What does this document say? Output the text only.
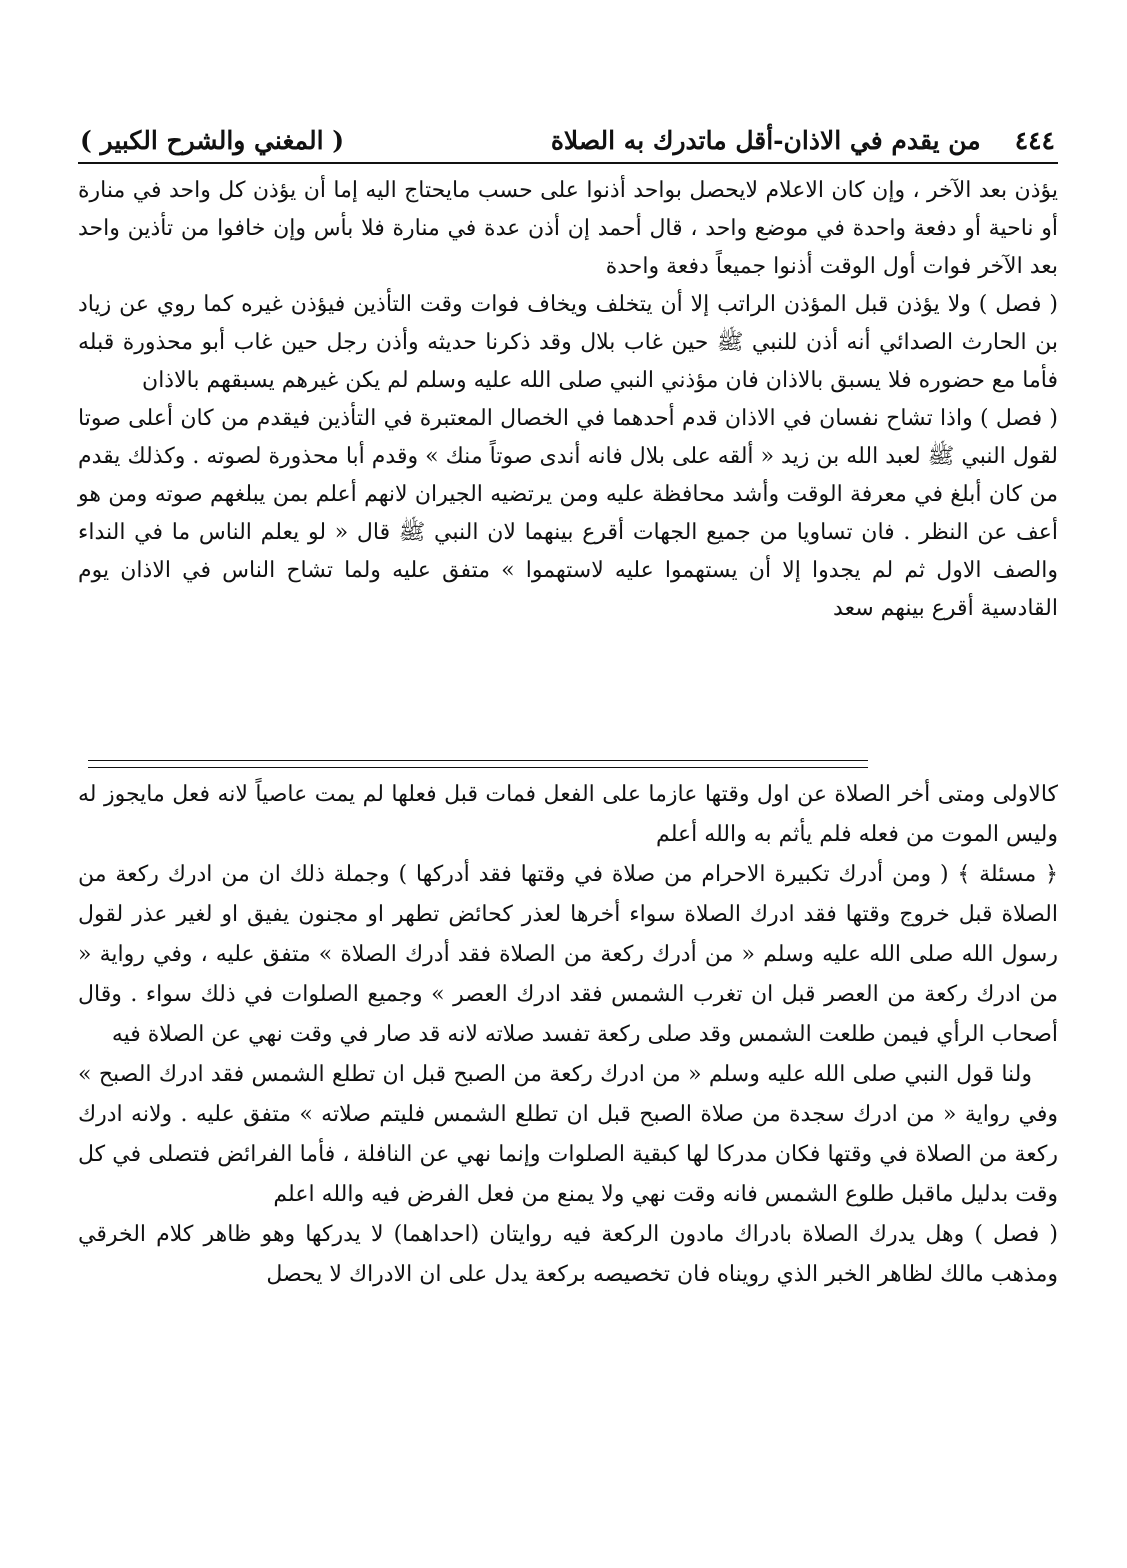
٤٤٤
من يقدم في الاذان-أقل ماتدرك به الصلاة
( المغني والشرح الكبير )

يؤذن بعد الآخر ، وإن كان الاعلام لايحصل بواحد أذنوا على حسب مايحتاج اليه إما أن يؤذن كل واحد في منارة أو ناحية أو دفعة واحدة في موضع واحد ، قال أحمد إن أذن عدة في منارة فلا بأس وإن خافوا من تأذين واحد بعد الآخر فوات أول الوقت أذنوا جميعاً دفعة واحدة

( فصل ) ولا يؤذن قبل المؤذن الراتب إلا أن يتخلف ويخاف فوات وقت التأذين فيؤذن غيره كما روي عن زياد بن الحارث الصدائي أنه أذن للنبي ﷺ حين غاب بلال وقد ذكرنا حديثه وأذن رجل حين غاب أبو محذورة قبله فأما مع حضوره فلا يسبق بالاذان فان مؤذني النبي صلى الله عليه وسلم لم يكن غيرهم يسبقهم بالاذان

( فصل ) واذا تشاح نفسان في الاذان قدم أحدهما في الخصال المعتبرة في التأذين فيقدم من كان أعلى صوتا لقول النبي ﷺ لعبد الله بن زيد « ألقه على بلال فانه أندى صوتاً منك » وقدم أبا محذورة لصوته . وكذلك يقدم من كان أبلغ في معرفة الوقت وأشد محافظة عليه ومن يرتضيه الجيران لانهم أعلم بمن يبلغهم صوته ومن هو أعف عن النظر . فان تساويا من جميع الجهات أقرع بينهما لان النبي ﷺ قال « لو يعلم الناس ما في النداء والصف الاول ثم لم يجدوا إلا أن يستهموا عليه لاستهموا » متفق عليه ولما تشاح الناس في الاذان يوم القادسية أقرع بينهم سعد

كالاولى ومتى أخر الصلاة عن اول وقتها عازما على الفعل فمات قبل فعلها لم يمت عاصياً لانه فعل مايجوز له وليس الموت من فعله فلم يأثم به والله أعلم

﴿ مسئلة ﴾ ( ومن أدرك تكبيرة الاحرام من صلاة في وقتها فقد أدركها ) وجملة ذلك ان من ادرك ركعة من الصلاة قبل خروج وقتها فقد ادرك الصلاة سواء أخرها لعذر كحائض تطهر او مجنون يفيق او لغير عذر لقول رسول الله صلى الله عليه وسلم « من أدرك ركعة من الصلاة فقد أدرك الصلاة » متفق عليه ، وفي رواية « من ادرك ركعة من العصر قبل ان تغرب الشمس فقد ادرك العصر » وجميع الصلوات في ذلك سواء . وقال أصحاب الرأي فيمن طلعت الشمس وقد صلى ركعة تفسد صلاته لانه قد صار في وقت نهي عن الصلاة فيه

ولنا قول النبي صلى الله عليه وسلم « من ادرك ركعة من الصبح قبل ان تطلع الشمس فقد ادرك الصبح » وفي رواية « من ادرك سجدة من صلاة الصبح قبل ان تطلع الشمس فليتم صلاته » متفق عليه . ولانه ادرك ركعة من الصلاة في وقتها فكان مدركا لها كبقية الصلوات وإنما نهي عن النافلة ، فأما الفرائض فتصلى في كل وقت بدليل ماقبل طلوع الشمس فانه وقت نهي ولا يمنع من فعل الفرض فيه والله اعلم

( فصل ) وهل يدرك الصلاة بادراك مادون الركعة فيه روايتان (احداهما) لا يدركها وهو ظاهر كلام الخرقي ومذهب مالك لظاهر الخبر الذي رويناه فان تخصيصه بركعة يدل على ان الادراك لا يحصل
